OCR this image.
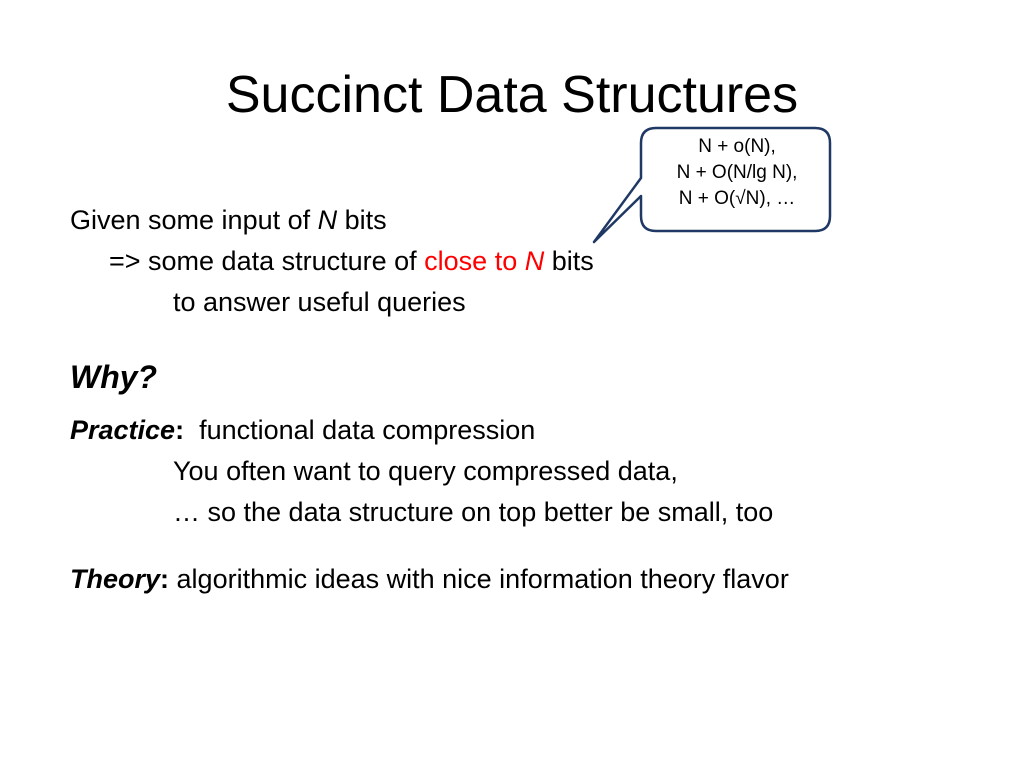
Succinct Data Structures
N + o(N),
N + O(N/lg N),
N + O(√N), …
Given some input of N bits
=> some data structure of close to N bits
to answer useful queries
Why?
Practice:  functional data compression
You often want to query compressed data,
… so the data structure on top better be small, too
Theory: algorithmic ideas with nice information theory flavor
